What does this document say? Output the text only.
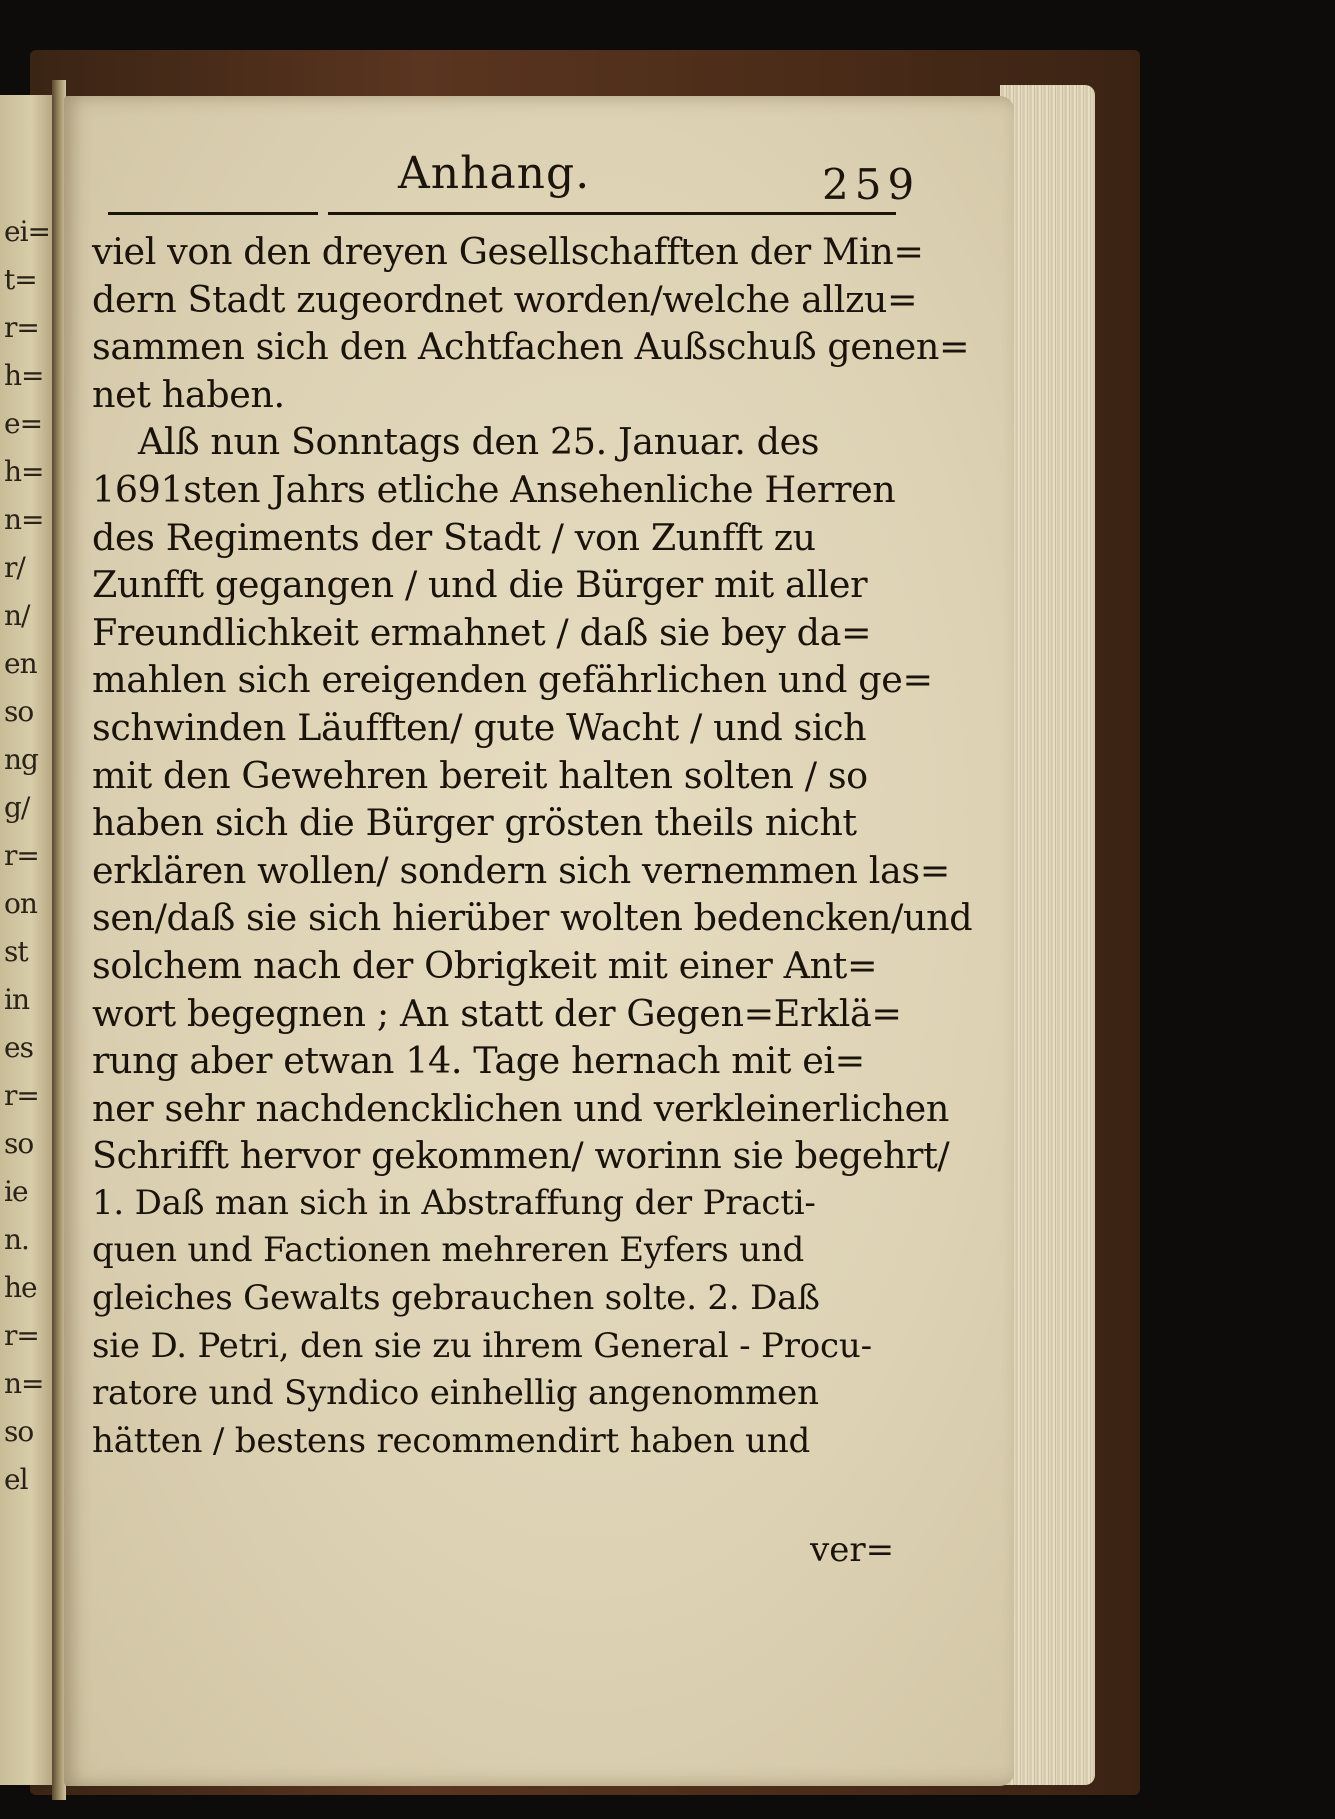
ei=
t=
r=
h=
e=
h=
n=
r/
n/
en
so
ng
g/
r=
on
st
in
es
r=
so
ie
n.
he
r=
n=
so
el
Anhang.	259
viel von den dreyen Gesellschafften der Min=
dern Stadt zugeordnet worden/welche allzu=
sammen sich den Achtfachen Außschuß genen=
net haben.
Alß nun Sonntags den 25. Januar. des
1691sten Jahrs etliche Ansehenliche Herren
des Regiments der Stadt / von Zunfft zu
Zunfft gegangen / und die Bürger mit aller
Freundlichkeit ermahnet / daß sie bey da=
mahlen sich ereigenden gefährlichen und ge=
schwinden Läufften/ gute Wacht / und sich
mit den Gewehren bereit halten solten / so
haben sich die Bürger grösten theils nicht
erklären wollen/ sondern sich vernemmen las=
sen/daß sie sich hierüber wolten bedencken/und
solchem nach der Obrigkeit mit einer Ant=
wort begegnen ; An statt der Gegen=Erklä=
rung aber etwan 14. Tage hernach mit ei=
ner sehr nachdencklichen und verkleinerlichen
Schrifft hervor gekommen/ worinn sie begehrt/
1. Daß man sich in Abstraffung der Practi-
quen und Factionen mehreren Eyfers und
gleiches Gewalts gebrauchen solte. 2. Daß
sie D. Petri, den sie zu ihrem General - Procu-
ratore und Syndico einhellig angenommen
hätten / bestens recommendirt haben und
ver=
